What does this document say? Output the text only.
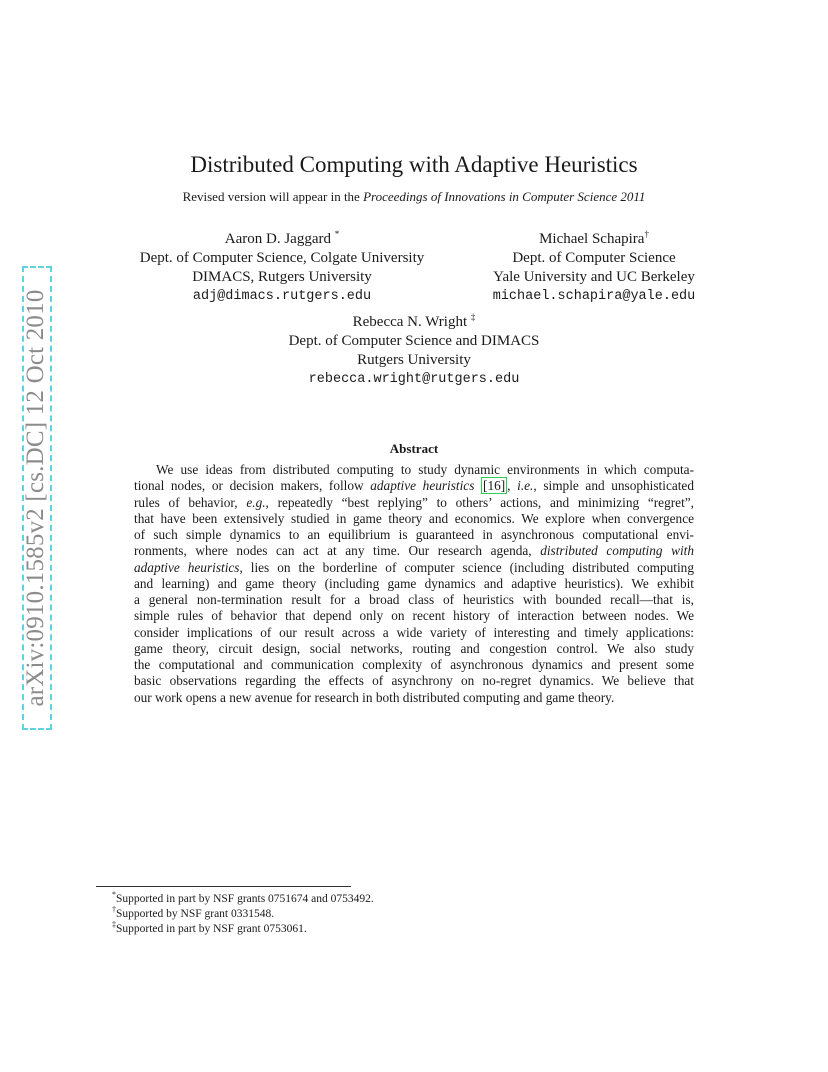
arXiv:0910.1585v2 [cs.DC] 12 Oct 2010
Distributed Computing with Adaptive Heuristics
Revised version will appear in the Proceedings of Innovations in Computer Science 2011
Aaron D. Jaggard *
Dept. of Computer Science, Colgate University
DIMACS, Rutgers University
adj@dimacs.rutgers.edu
Michael Schapira†
Dept. of Computer Science
Yale University and UC Berkeley
michael.schapira@yale.edu
Rebecca N. Wright ‡
Dept. of Computer Science and DIMACS
Rutgers University
rebecca.wright@rutgers.edu
Abstract
We use ideas from distributed computing to study dynamic environments in which computa-
tional nodes, or decision makers, follow adaptive heuristics [16] , i.e., simple and unsophisticated
rules of behavior, e.g., repeatedly “best replying” to others’ actions, and minimizing “regret”,
that have been extensively studied in game theory and economics. We explore when convergence
of such simple dynamics to an equilibrium is guaranteed in asynchronous computational envi-
ronments, where nodes can act at any time. Our research agenda, distributed computing with
adaptive heuristics, lies on the borderline of computer science (including distributed computing
and learning) and game theory (including game dynamics and adaptive heuristics). We exhibit
a general non-termination result for a broad class of heuristics with bounded recall—that is,
simple rules of behavior that depend only on recent history of interaction between nodes. We
consider implications of our result across a wide variety of interesting and timely applications:
game theory, circuit design, social networks, routing and congestion control. We also study
the computational and communication complexity of asynchronous dynamics and present some
basic observations regarding the effects of asynchrony on no-regret dynamics. We believe that
our work opens a new avenue for research in both distributed computing and game theory.
*Supported in part by NSF grants 0751674 and 0753492.
†Supported by NSF grant 0331548.
‡Supported in part by NSF grant 0753061.
